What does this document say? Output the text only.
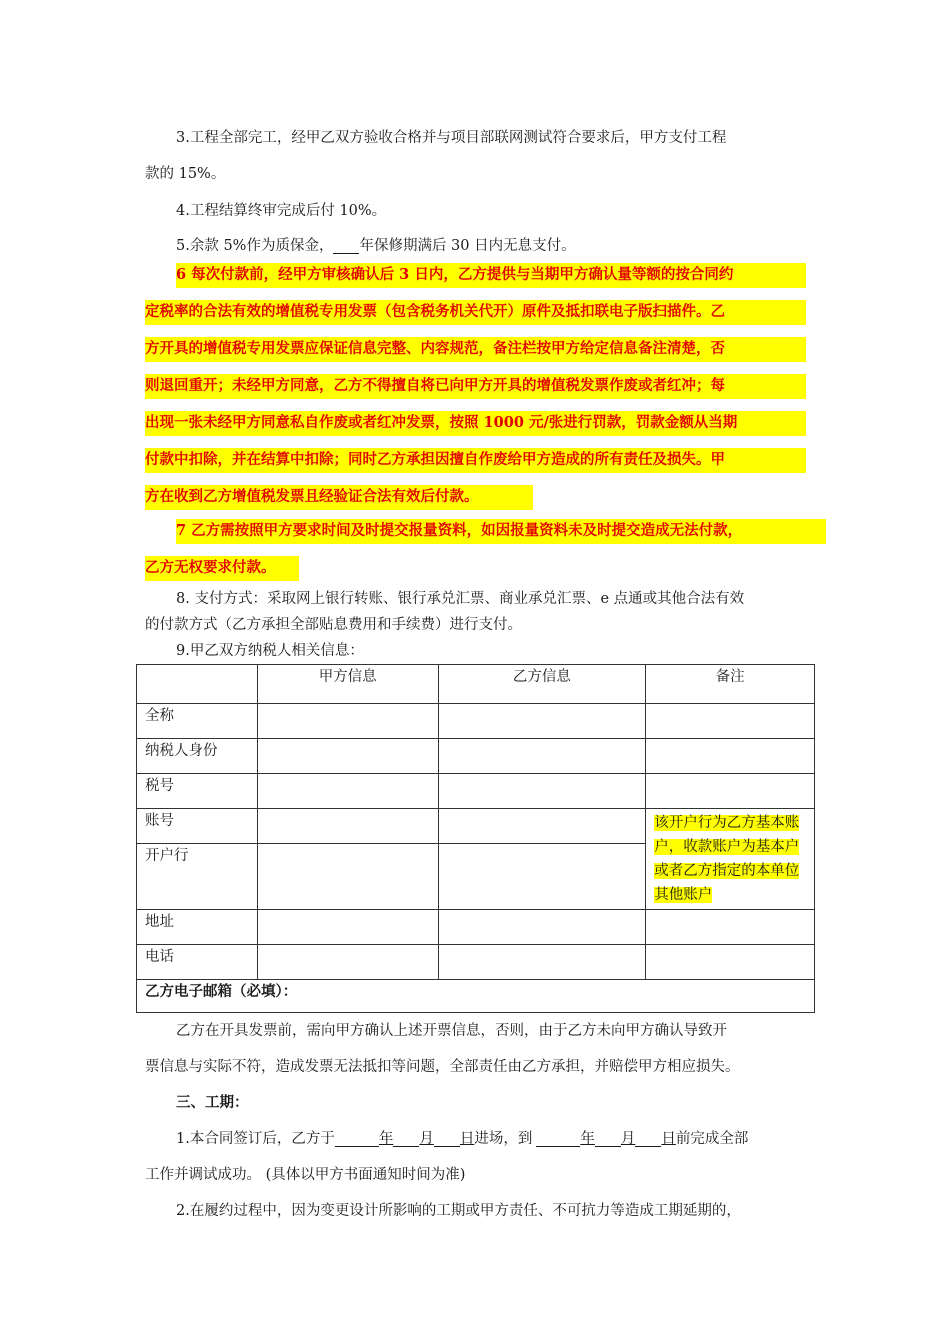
3.工程全部完工，经甲乙双方验收合格并与项目部联网测试符合要求后，甲方支付工程
款的 15%。
4.工程结算终审完成后付 10%。
5.余款 5%作为质保金， 年保修期满后 30 日内无息支付。
6 每次付款前，经甲方审核确认后 3 日内，乙方提供与当期甲方确认量等额的按合同约
定税率的合法有效的增值税专用发票（包含税务机关代开）原件及抵扣联电子版扫描件。乙
方开具的增值税专用发票应保证信息完整、内容规范，备注栏按甲方给定信息备注清楚，否
则退回重开；未经甲方同意，乙方不得擅自将已向甲方开具的增值税发票作废或者红冲；每
出现一张未经甲方同意私自作废或者红冲发票，按照 1000 元/张进行罚款，罚款金额从当期
付款中扣除，并在结算中扣除；同时乙方承担因擅自作废给甲方造成的所有责任及损失。甲
方在收到乙方增值税发票且经验证合法有效后付款。
7 乙方需按照甲方要求时间及时提交报量资料，如因报量资料未及时提交造成无法付款，
乙方无权要求付款。
8. 支付方式：采取网上银行转账、银行承兑汇票、商业承兑汇票、e 点通或其他合法有效
的付款方式（乙方承担全部贴息费用和手续费）进行支付。
9.甲乙双方纳税人相关信息：
	甲方信息	乙方信息	备注
全称			
纳税人身份			
税号			
账号			该开户行为乙方基本账户，收款账户为基本户或者乙方指定的本单位其他账户
开户行			
地址			
电话			
乙方电子邮箱（必填）：			
乙方在开具发票前，需向甲方确认上述开票信息，否则，由于乙方未向甲方确认导致开
票信息与实际不符，造成发票无法抵扣等问题，全部责任由乙方承担，并赔偿甲方相应损失。
三、工期：
1.本合同签订后，乙方于	年 月 日进场，到	年 月 日前完成全部
工作并调试成功。 (具体以甲方书面通知时间为准)
2.在履约过程中，因为变更设计所影响的工期或甲方责任、不可抗力等造成工期延期的，
